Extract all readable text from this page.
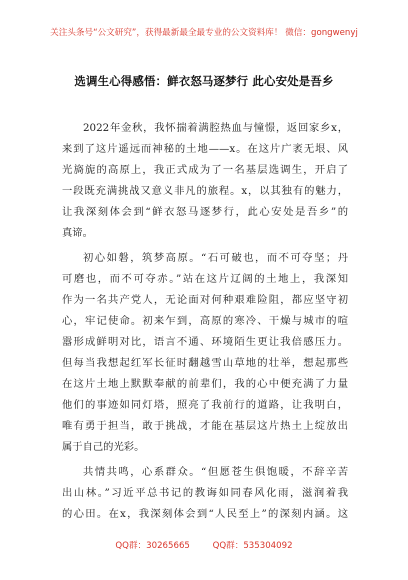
关注头条号“公文研究”，获得最新最全最专业的公文资料库！ 微信：gongwenyj
选调生心得感悟：鲜衣怒马逐梦行 此心安处是吾乡
2022年金秋，我怀揣着满腔热血与憧憬，返回家乡x，
来到了这片遥远而神秘的土地——x。在这片广袤无垠、风
光旖旎的高原上，我正式成为了一名基层选调生，开启了
一段既充满挑战又意义非凡的旅程。x，以其独有的魅力，
让我深刻体会到“鲜衣怒马逐梦行，此心安处是吾乡”的
真谛。
初心如磐，筑梦高原。“石可破也，而不可夺坚；丹
可磨也，而不可夺赤。”站在这片辽阔的土地上，我深知
作为一名共产党人，无论面对何种艰难险阻，都应坚守初
心，牢记使命。初来乍到，高原的寒冷、干燥与城市的喧
嚣形成鲜明对比，语言不通、环境陌生更让我倍感压力。
但每当我想起红军长征时翻越雪山草地的壮举，想起那些
在这片土地上默默奉献的前辈们，我的心中便充满了力量
他们的事迹如同灯塔，照亮了我前行的道路，让我明白，
唯有勇于担当，敢于挑战，才能在基层这片热土上绽放出
属于自己的光彩。
共情共鸣，心系群众。“但愿苍生俱饱暖，不辞辛苦
出山林。”习近平总书记的教诲如同春风化雨，滋润着我
的心田。在x，我深刻体会到“人民至上”的深刻内涵。这
QQ群：30265665	QQ群：535304092
